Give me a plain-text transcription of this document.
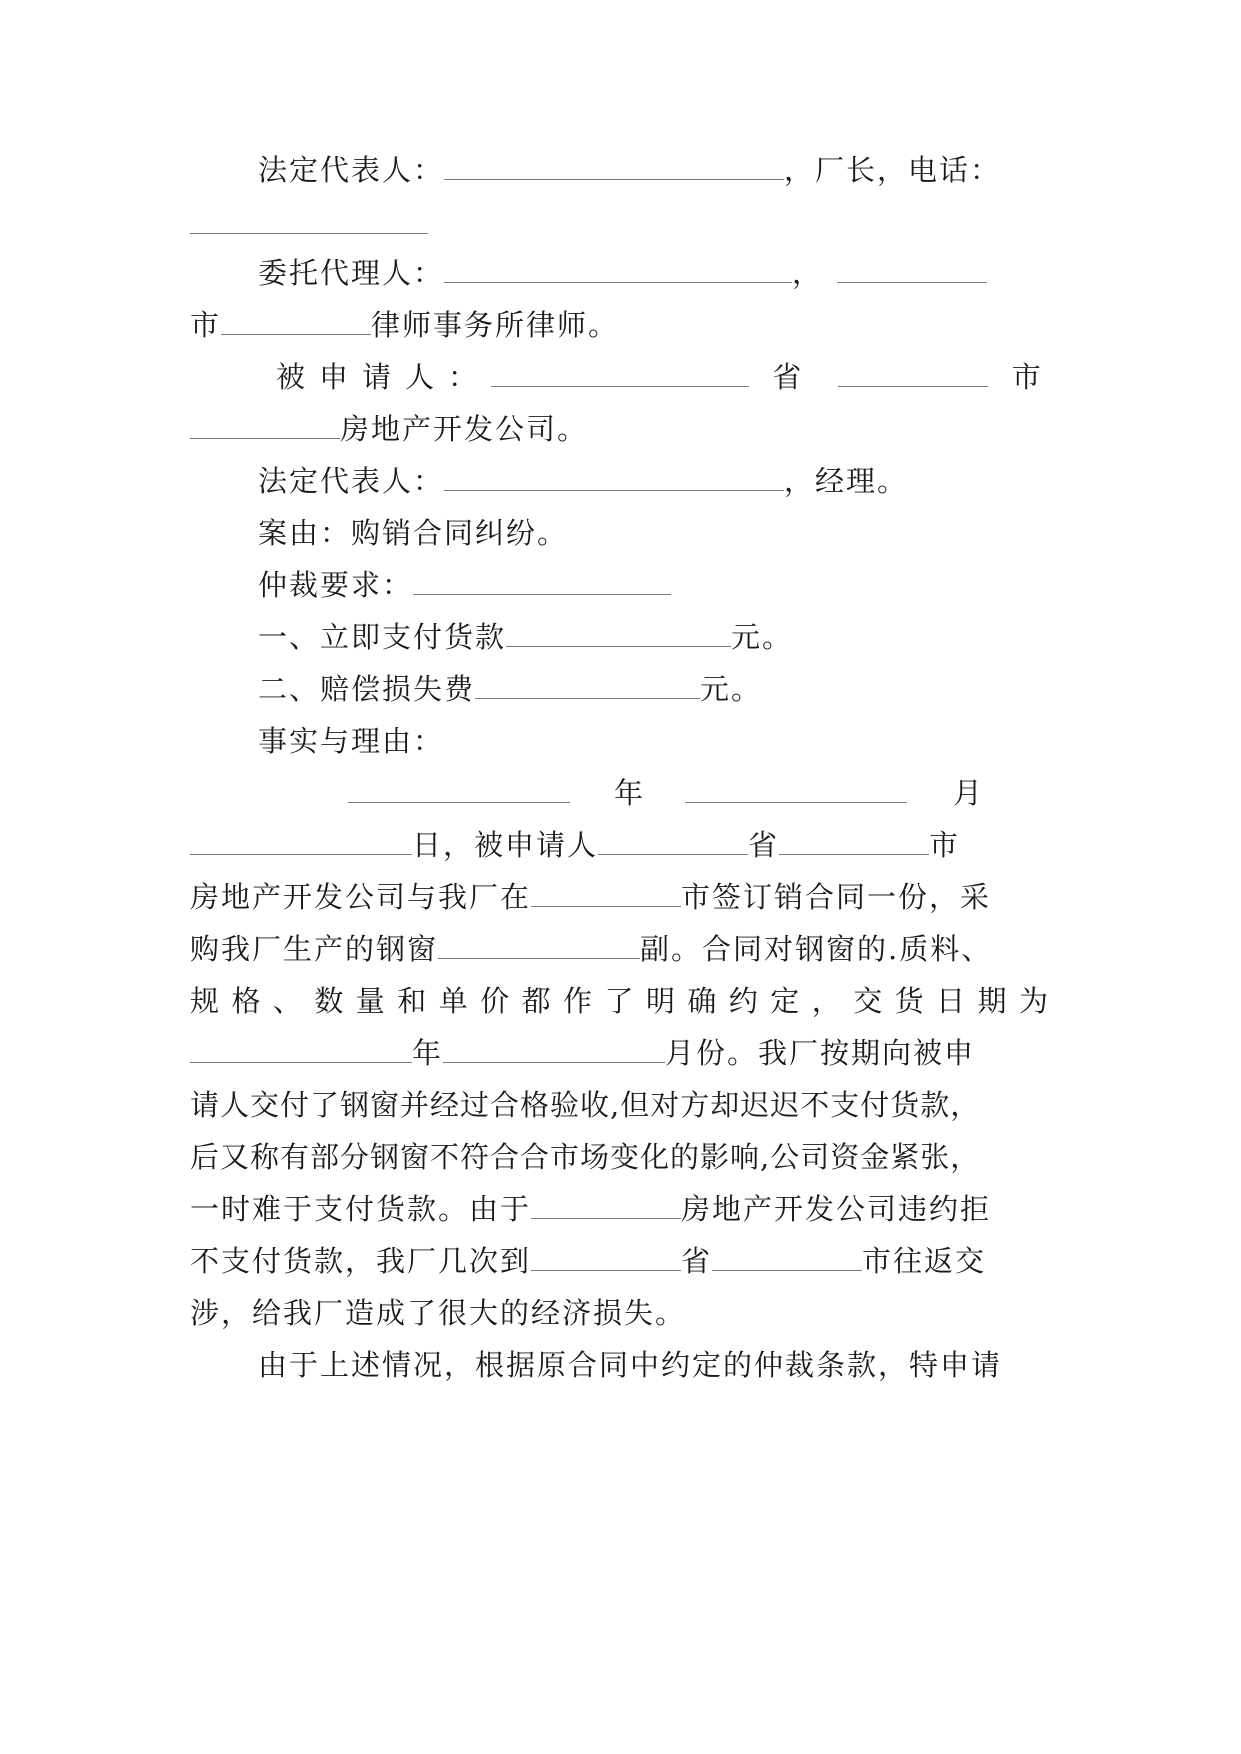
法定代表人：	，厂长，电话：
委托代理人：	，
市	律师事务所律师。
被申请人：	省	市
房地产开发公司。
法定代表人：	，经理。
案由：购销合同纠纷。
仲裁要求：
一、立即支付货款	元。
二、赔偿损失费	元。
事实与理由：
年	月
日，被申请人	省	市
房地产开发公司与我厂在	市签订销合同一份，采
购我厂生产的钢窗	副。合同对钢窗的.质料、
规格、数量和单价都作了明确约定，交货日期为
年	月份。我厂按期向被申
请人交付了钢窗并经过合格验收,但对方却迟迟不支付货款，
后又称有部分钢窗不符合合市场变化的影响,公司资金紧张，
一时难于支付货款。由于	房地产开发公司违约拒
不支付货款，我厂几次到	省	市往返交
涉，给我厂造成了很大的经济损失。
由于上述情况，根据原合同中约定的仲裁条款，特申请
